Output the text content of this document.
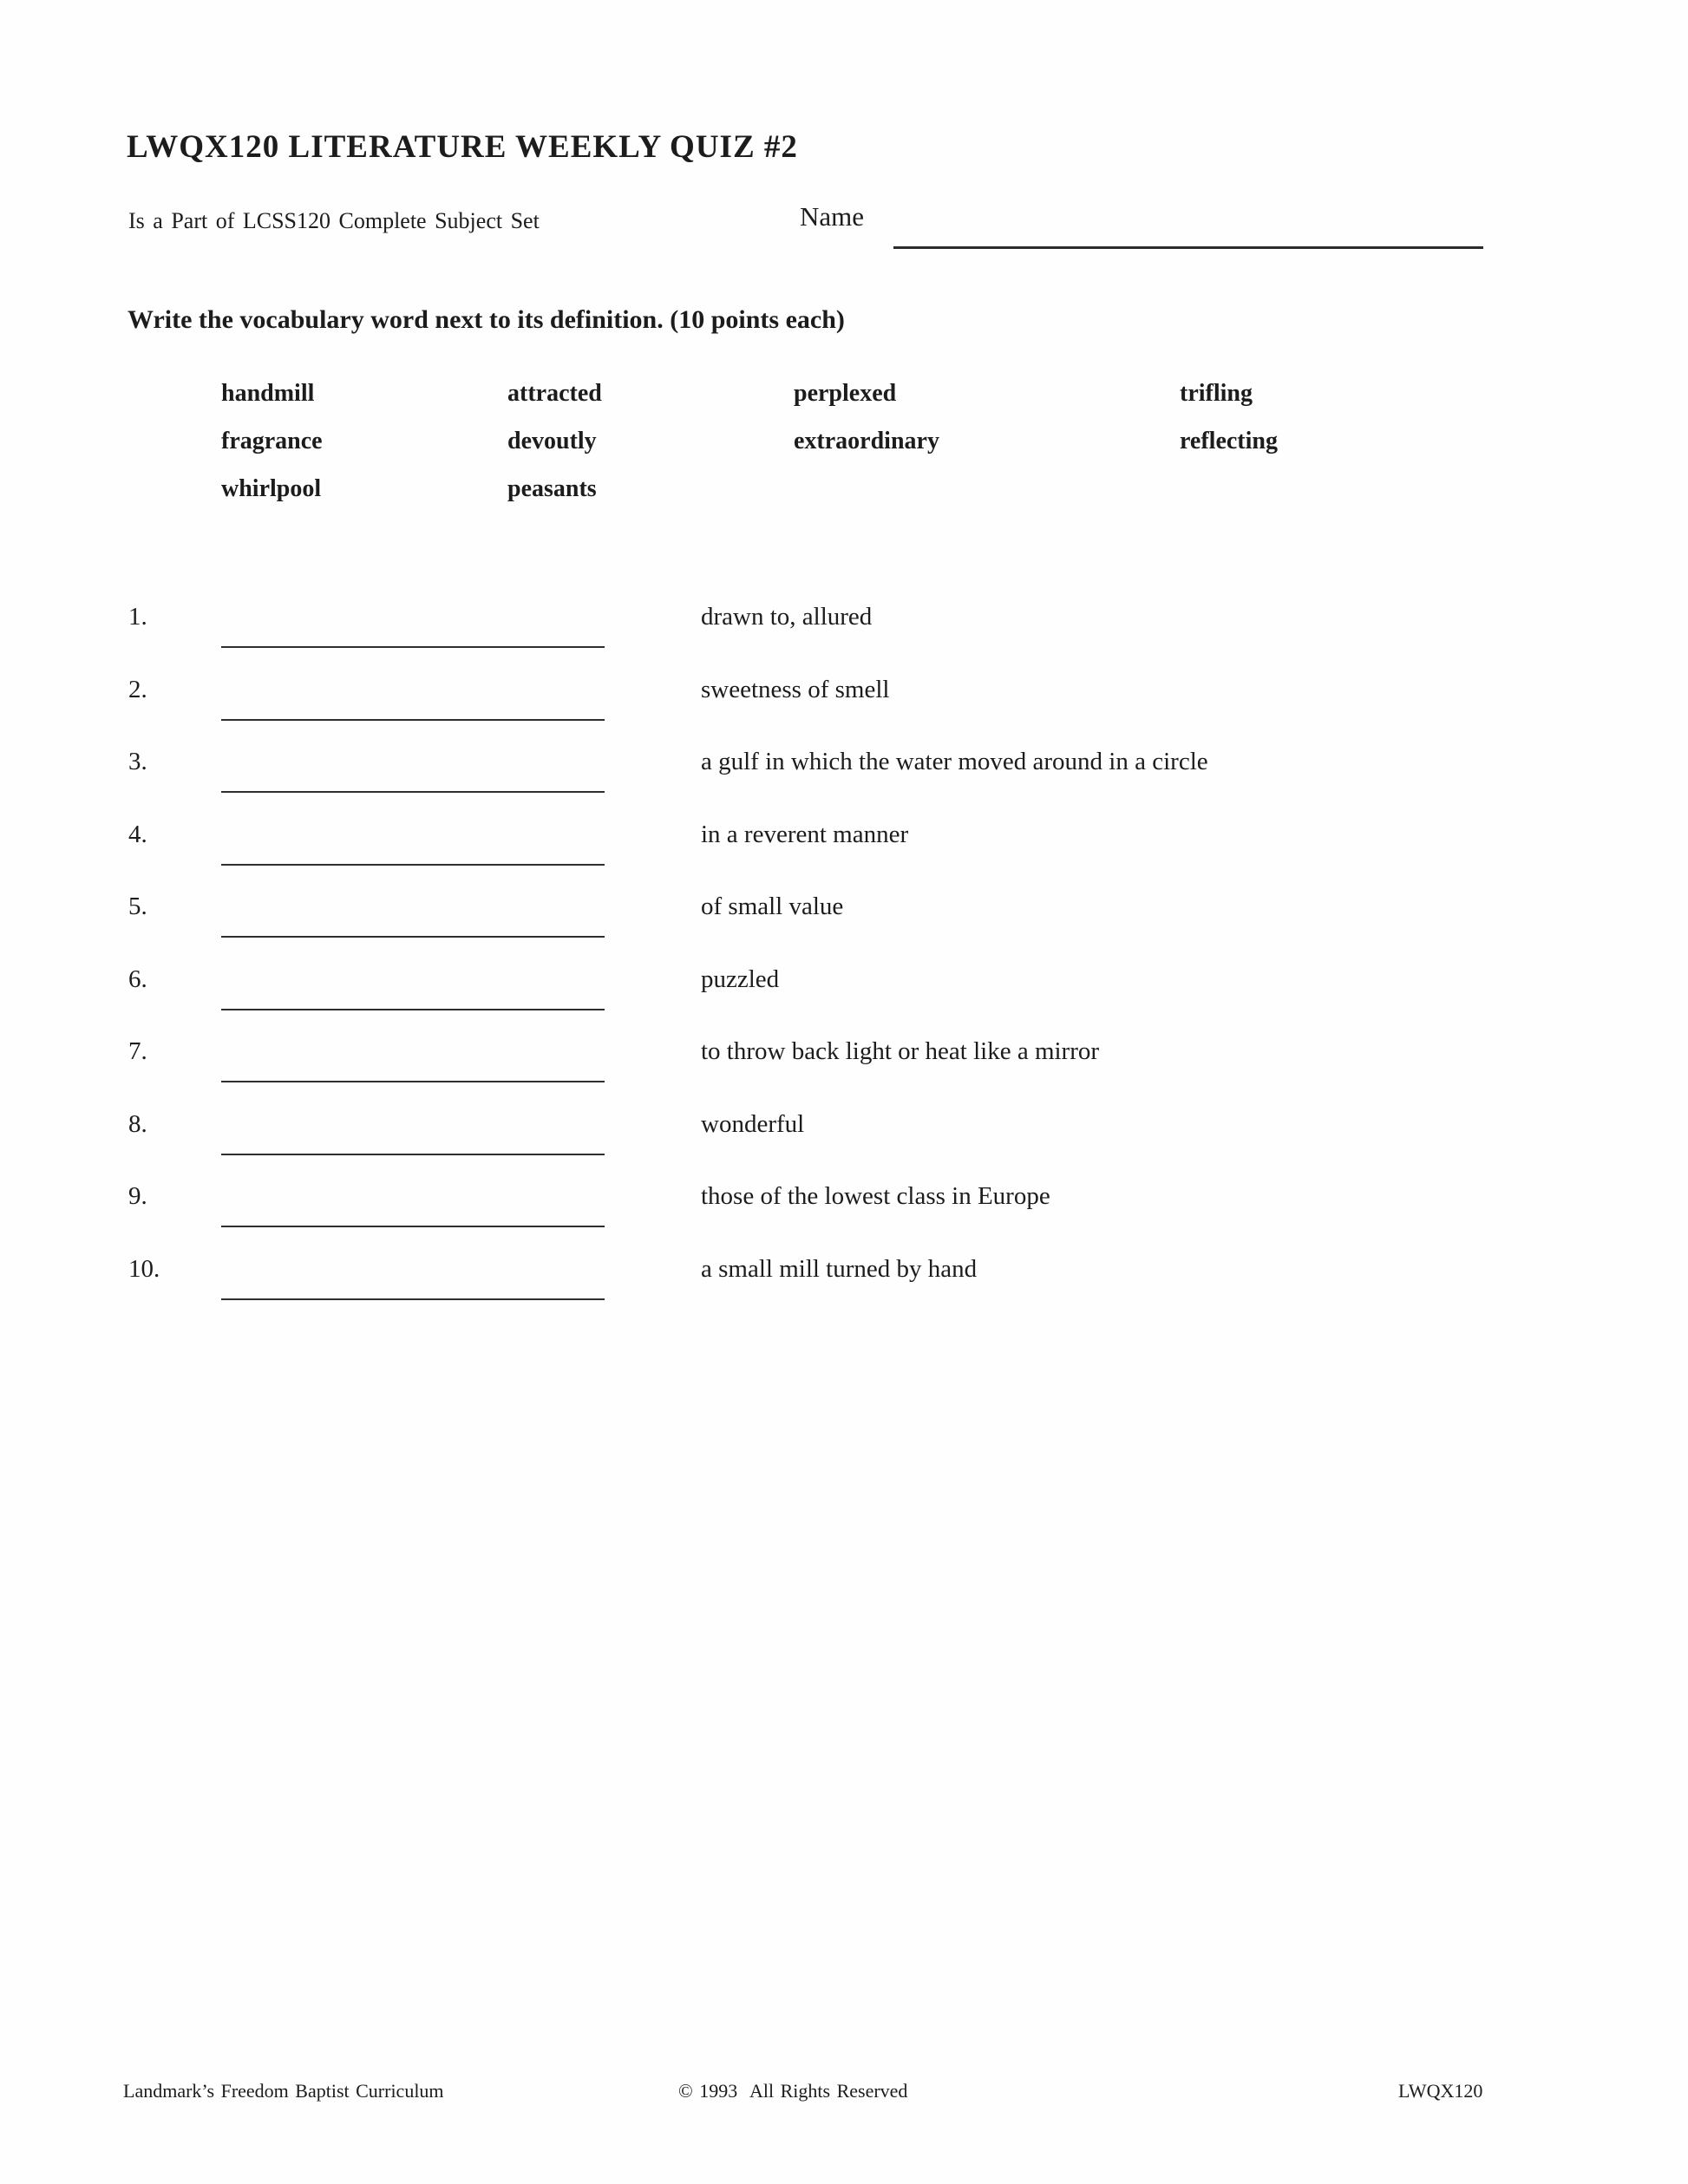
LWQX120 LITERATURE WEEKLY QUIZ #2
Is a Part of LCSS120 Complete Subject Set	Name
Write the vocabulary word next to its definition. (10 points each)
handmill	attracted	perplexed	trifling
fragrance	devoutly	extraordinary	reflecting
whirlpool	peasants
1.	drawn to, allured
2.	sweetness of smell
3.	a gulf in which the water moved around in a circle
4.	in a reverent manner
5.	of small value
6.	puzzled
7.	to throw back light or heat like a mirror
8.	wonderful
9.	those of the lowest class in Europe
10.	a small mill turned by hand
Landmark’s Freedom Baptist Curriculum	© 1993  All Rights Reserved	LWQX120
